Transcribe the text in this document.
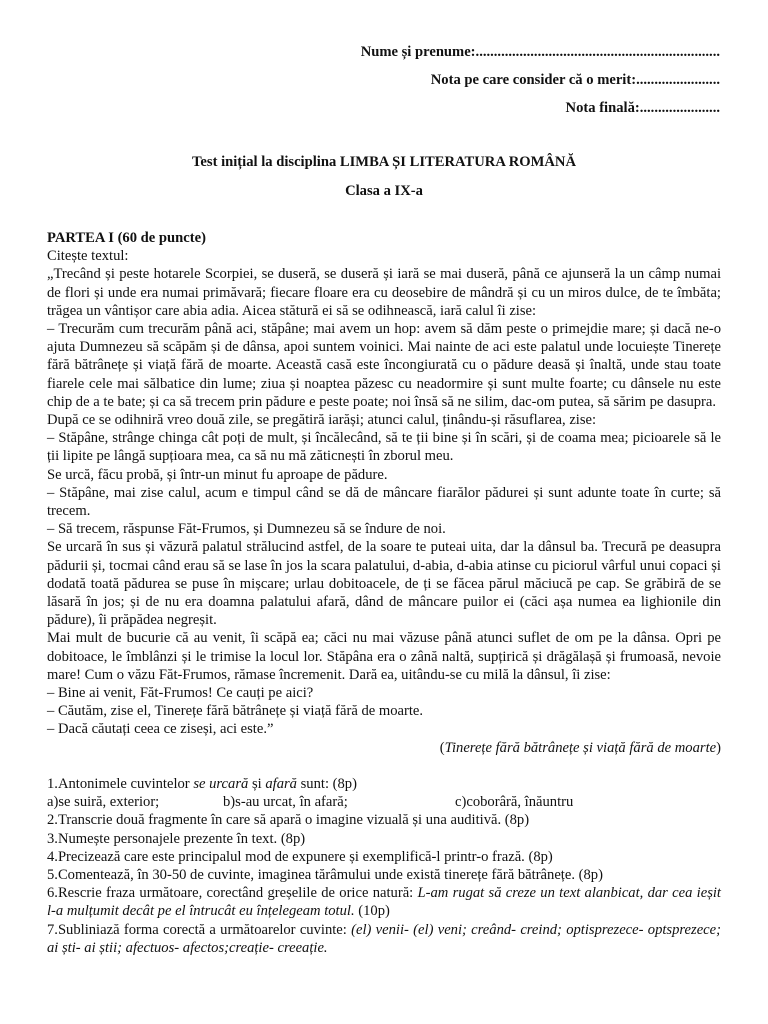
Nume și prenume:...................................................................
Nota pe care consider că o merit:.......................
Nota finală:......................
Test inițial la disciplina LIMBA ȘI LITERATURA ROMÂNĂ
Clasa a IX-a

PARTEA I (60 de puncte)

Citește textul:

„Trecând și peste hotarele Scorpiei, se duseră, se duseră și iară se mai duseră, până ce ajunseră la un câmp numai de flori și unde era numai primăvară; fiecare floare era cu deosebire de mândră și cu un miros dulce, de te îmbăta; trăgea un vântișor care abia adia. Aicea stătură ei să se odihnească, iară calul îi zise:

– Trecurăm cum trecurăm până aci, stăpâne; mai avem un hop: avem să dăm peste o primejdie mare; și dacă ne-o ajuta Dumnezeu să scăpăm și de dânsa, apoi suntem voinici. Mai nainte de aci este palatul unde locuiește Tinerețe fără bătrânețe și viață fără de moarte. Această casă este încongiurată cu o pădure deasă și înaltă, unde stau toate fiarele cele mai sălbatice din lume; ziua și noaptea păzesc cu neadormire și sunt multe foarte; cu dânsele nu este chip de a te bate; și ca să trecem prin pădure e peste poate; noi însă să ne silim, dac-om putea, să sărim pe dasupra.

După ce se odihniră vreo două zile, se pregătiră iarăși; atunci calul, ținându-și răsuflarea, zise:

– Stăpâne, strânge chinga cât poți de mult, și încălecând, să te ții bine și în scări, și de coama mea; picioarele să le ții lipite pe lângă supțioara mea, ca să nu mă zăticnești în zborul meu.

Se urcă, făcu probă, și într-un minut fu aproape de pădure.

– Stăpâne, mai zise calul, acum e timpul când se dă de mâncare fiarălor pădurei și sunt adunte toate în curte; să trecem.

– Să trecem, răspunse Făt-Frumos, și Dumnezeu să se îndure de noi.

Se urcară în sus și văzură palatul strălucind astfel, de la soare te puteai uita, dar la dânsul ba. Trecură pe deasupra pădurii și, tocmai când erau să se lase în jos la scara palatului, d-abia, d-abia atinse cu piciorul vârful unui copaci și dodată toată pădurea se puse în mișcare; urlau dobitoacele, de ți se făcea părul măciucă pe cap. Se grăbiră de se lăsară în jos; și de nu era doamna palatului afară, dând de mâncare puilor ei (căci așa numea ea lighionile din pădure), îi prăpădea negreșit.

Mai mult de bucurie că au venit, îi scăpă ea; căci nu mai văzuse până atunci suflet de om pe la dânsa. Opri pe dobitoace, le îmblânzi și le trimise la locul lor. Stăpâna era o zână naltă, supțirică și drăgălașă și frumoasă, nevoie mare! Cum o văzu Făt-Frumos, rămase încremenit. Dară ea, uitându-se cu milă la dânsul, îi zise:

– Bine ai venit, Făt-Frumos! Ce cauți pe aici?

– Căutăm, zise el, Tinerețe fără bătrânețe și viață fără de moarte.

– Dacă căutați ceea ce ziseși, aci este.”

(Tinerețe fără bătrânețe și viață fără de moarte)

1.Antonimele cuvintelor se urcară și afară sunt: (8p)

a)se suiră, exterior;	b)s-au urcat, în afară;	c)coborâră, înăuntru

2.Transcrie două fragmente în care să apară o imagine vizuală și una auditivă. (8p)

3.Numește personajele prezente în text. (8p)

4.Precizează care este principalul mod de expunere și exemplifică-l printr-o frază. (8p)

5.Comentează, în 30-50 de cuvinte, imaginea tărâmului unde există tinerețe fără bătrânețe. (8p)

6.Rescrie fraza următoare, corectând greșelile de orice natură: L-am rugat să creze un text alanbicat, dar cea ieșit l-a mulțumit decât pe el întrucât eu înțelegeam totul. (10p)

7.Subliniază forma corectă a următoarelor cuvinte: (el) venii- (el) veni; creând- creind; optisprezece- optsprezece; ai ști- ai știi; afectuos- afectos;creație- creeație.
